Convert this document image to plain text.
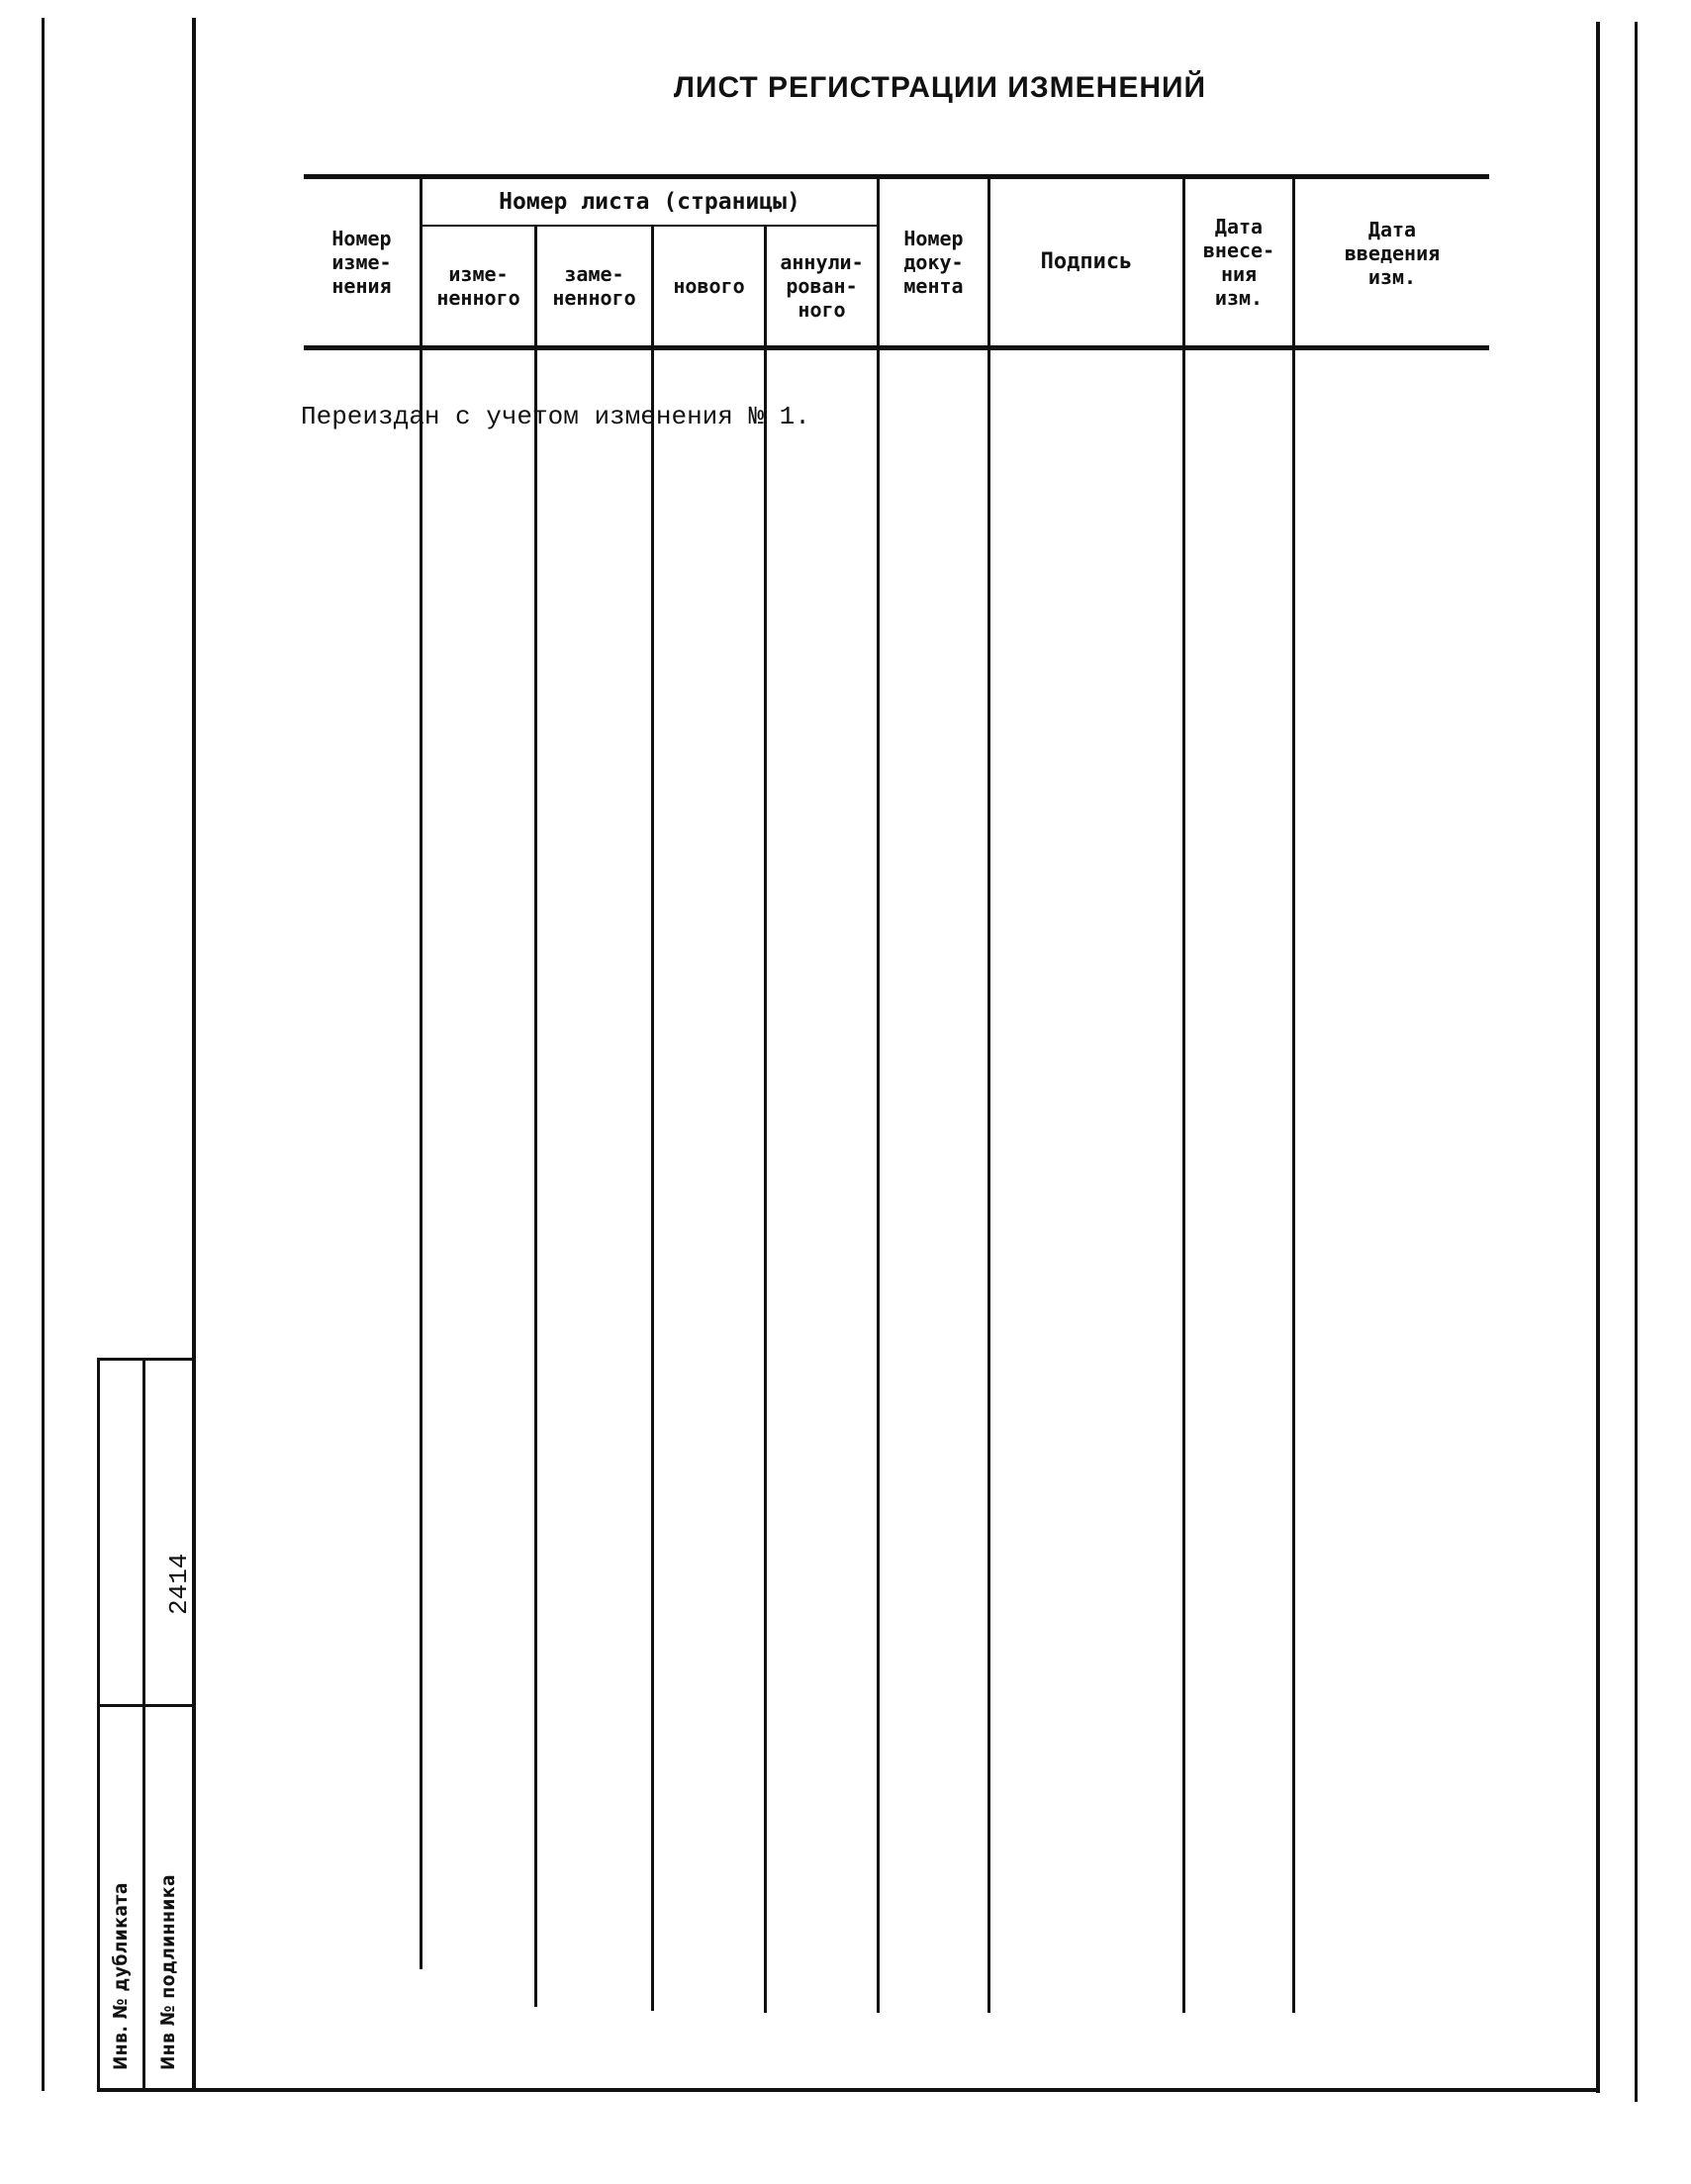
ЛИСТ РЕГИСТРАЦИИ ИЗМЕНЕНИЙ
Номер
изме-
нения
Номер листа (страницы)
изме-
ненного
заме-
ненного	нового
аннули-
рован-
ного
Номер
доку-
мента
Подпись
Дата
внесе-
ния
изм.
Дата
введения
изм.
Переиздан с учетом изменения № 1.
Инв. № дубликата Инв № подлинника
2414
